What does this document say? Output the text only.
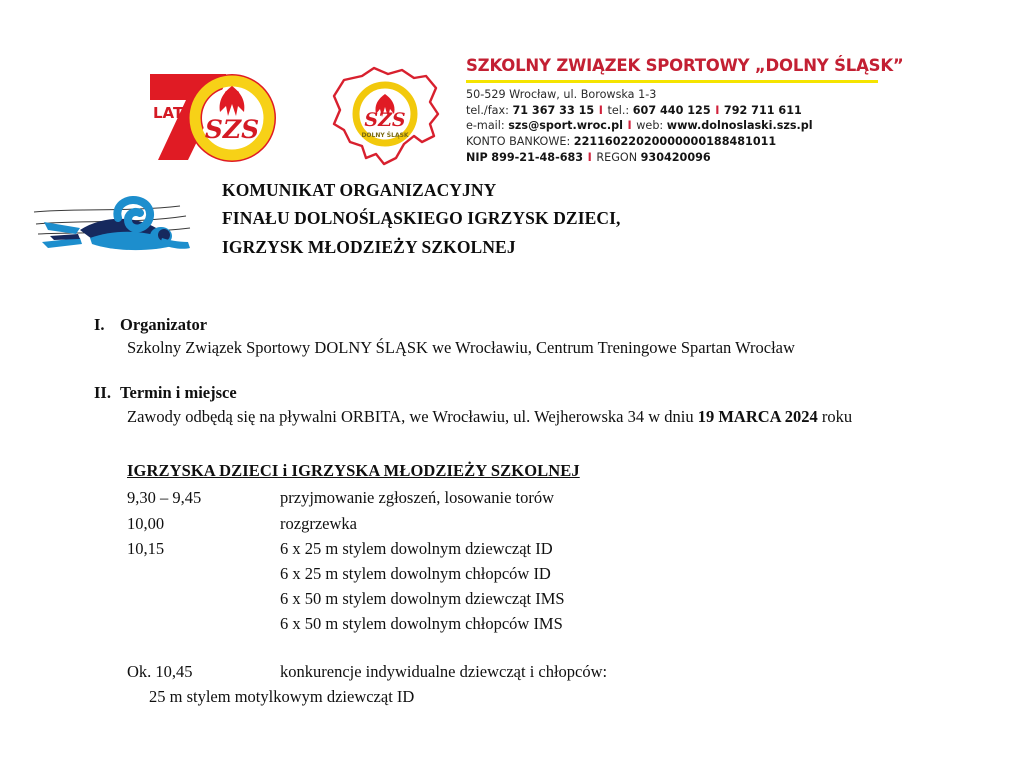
LAT
SZS	SZS
DOLNY ŚLĄSK
SZKOLNY ZWIĄZEK SPORTOWY „DOLNY ŚLĄSK”
50-529 Wrocław, ul. Borowska 1-3
tel./fax: 71 367 33 15 I tel.: 607 440 125 I 792 711 611
e-mail: szs@sport.wroc.pl I web: www.dolnoslaski.szs.pl
KONTO BANKOWE: 22116022020000000188481011
NIP 899-21-48-683 I REGON 930420096
KOMUNIKAT ORGANIZACYJNY
FINAŁU DOLNOŚLĄSKIEGO IGRZYSK DZIECI,
IGRZYSK MŁODZIEŻY SZKOLNEJ
I. Organizator
Szkolny Związek Sportowy DOLNY ŚLĄSK we Wrocławiu, Centrum Treningowe Spartan Wrocław
II. Termin i miejsce
Zawody odbędą się na pływalni ORBITA, we Wrocławiu, ul. Wejherowska 34 w dniu 19 MARCA 2024 roku
IGRZYSKA DZIECI i IGRZYSKA MŁODZIEŻY SZKOLNEJ
9,30 – 9,45	przyjmowanie zgłoszeń, losowanie torów
10,00	rozgrzewka
10,15	6 x 25 m stylem dowolnym dziewcząt ID
6 x 25 m stylem dowolnym chłopców ID
6 x 50 m stylem dowolnym dziewcząt IMS
6 x 50 m stylem dowolnym chłopców IMS
Ok. 10,45	konkurencje indywidualne dziewcząt i chłopców:
25 m stylem motylkowym dziewcząt ID
